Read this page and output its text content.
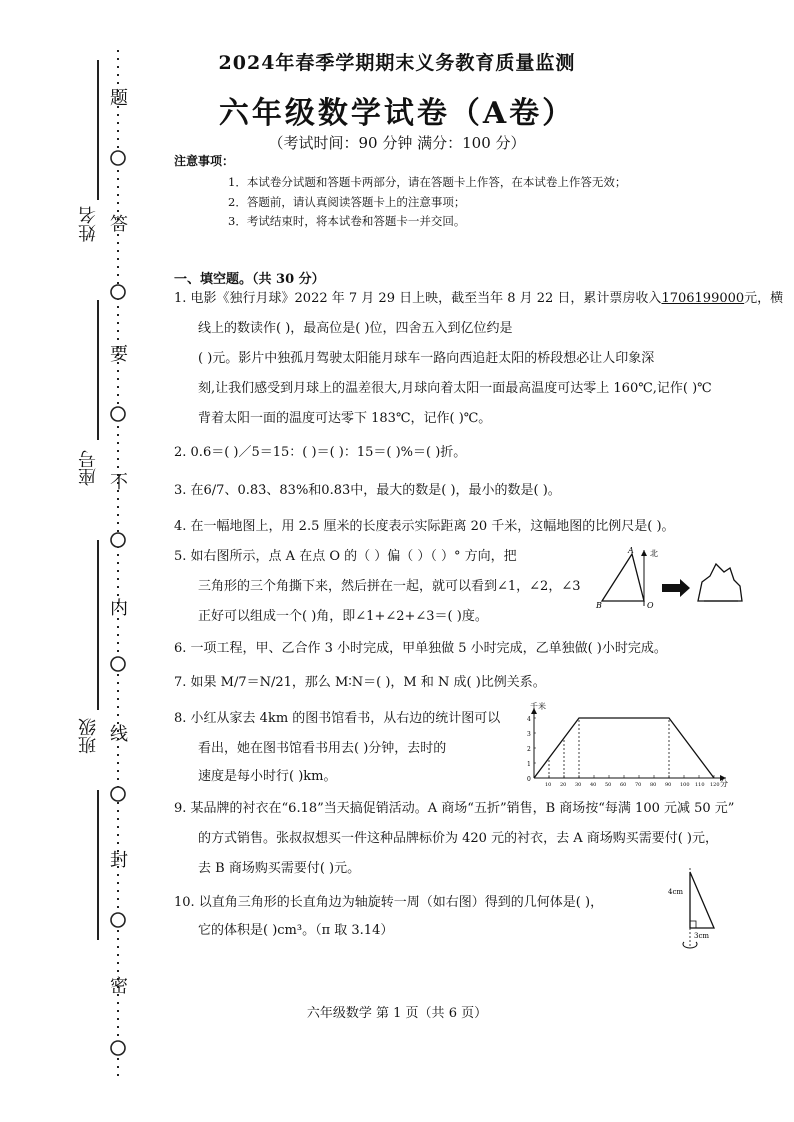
题
答
要
不
内
线
封
密
姓名
座号
班级
2024年春季学期期末义务教育质量监测
六年级数学试卷（A卷）
（考试时间：90 分钟 满分：100 分）
注意事项：
1．本试卷分试题和答题卡两部分，请在答题卡上作答，在本试卷上作答无效；
2．答题前，请认真阅读答题卡上的注意事项；
3．考试结束时，将本试卷和答题卡一并交回。
一、填空题。（共 30 分）
1. 电影《独行月球》2022 年 7 月 29 日上映，截至当年 8 月 22 日，累计票房收入1706199000元，横
线上的数读作( )，最高位是( )位，四舍五入到亿位约是
( )元。影片中独孤月驾驶太阳能月球车一路向西追赶太阳的桥段想必让人印象深
刻,让我们感受到月球上的温差很大,月球向着太阳一面最高温度可达零上 160℃,记作( )℃
背着太阳一面的温度可达零下 183℃，记作( )℃。
2. 0.6＝( )／5＝15：( )＝( )：15＝( )%＝( )折。
3. 在6/7、0.8̇3̇、83%和0.83̇中，最大的数是( )，最小的数是( )。
4. 在一幅地图上，用 2.5 厘米的长度表示实际距离 20 千米，这幅地图的比例尺是( )。
5. 如右图所示，点 A 在点 O 的（ ）偏（ ）（ ）° 方向，把
三角形的三个角撕下来，然后拼在一起，就可以看到∠1，∠2，∠3
正好可以组成一个( )角，即∠1+∠2+∠3＝( )度。
A
B	O
北
6. 一项工程，甲、乙合作 3 小时完成，甲单独做 5 小时完成，乙单独做( )小时完成。
7. 如果 M/7＝N/21，那么 M∶N＝( )，M 和 N 成( )比例关系。
8. 小红从家去 4km 的图书馆看书，从右边的统计图可以
看出，她在图书馆看书用去( )分钟，去时的
速度是每小时行( )km。	0
1
2
3
4
10 20 30 40 50 60 70 80 90 100 110 120
千米
分
9. 某品牌的衬衣在“6.18”当天搞促销活动。A 商场“五折”销售，B 商场按“每满 100 元减 50 元”
的方式销售。张叔叔想买一件这种品牌标价为 420 元的衬衣，去 A 商场购买需要付( )元，
去 B 商场购买需要付( )元。
10. 以直角三角形的长直角边为轴旋转一周（如右图）得到的几何体是( )，
它的体积是( )cm³。（π 取 3.14）
4cm
3cm
六年级数学 第 1 页（共 6 页）
